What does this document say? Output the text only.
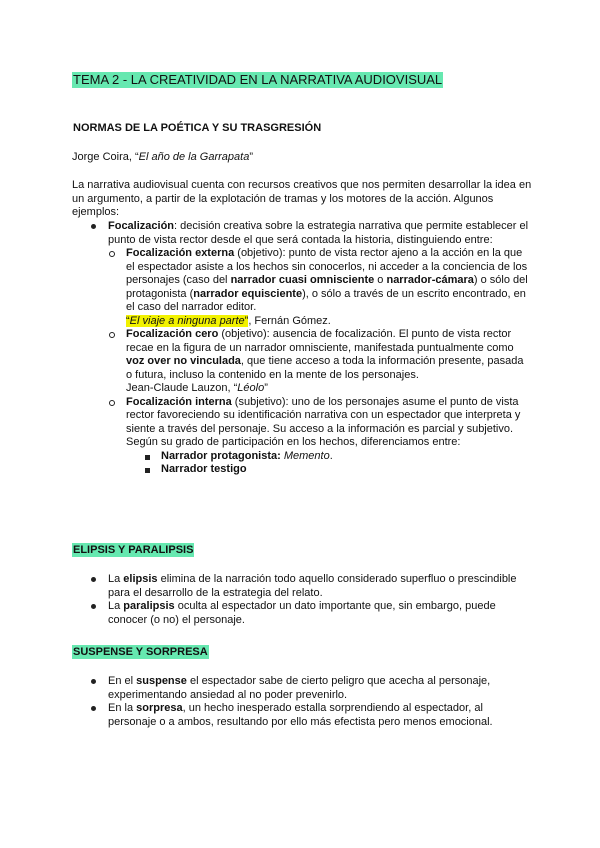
TEMA 2 - LA CREATIVIDAD EN LA NARRATIVA AUDIOVISUAL
NORMAS DE LA POÉTICA Y SU TRASGRESIÓN
Jorge Coira, “El año de la Garrapata”
La narrativa audiovisual cuenta con recursos creativos que nos permiten desarrollar la idea en un argumento, a partir de la explotación de tramas y los motores de la acción. Algunos ejemplos:
Focalización: decisión creativa sobre la estrategia narrativa que permite establecer el punto de vista rector desde el que será contada la historia, distinguiendo entre:
Focalización externa (objetivo): punto de vista rector ajeno a la acción en la que el espectador asiste a los hechos sin conocerlos, ni acceder a la conciencia de los personajes (caso del narrador cuasi omnisciente o narrador-cámara) o sólo del protagonista (narrador equisciente), o sólo a través de un escrito encontrado, en el caso del narrador editor.
“El viaje a ninguna parte”, Fernán Gómez.
Focalización cero (objetivo): ausencia de focalización. El punto de vista rector recae en la figura de un narrador omnisciente, manifestada puntualmente como voz over no vinculada, que tiene acceso a toda la información presente, pasada o futura, incluso la contenido en la mente de los personajes.
Jean-Claude Lauzon, “Léolo”
Focalización interna (subjetivo): uno de los personajes asume el punto de vista rector favoreciendo su identificación narrativa con un espectador que interpreta y siente a través del personaje. Su acceso a la información es parcial y subjetivo. Según su grado de participación en los hechos, diferenciamos entre:
Narrador protagonista: Memento.
Narrador testigo
ELIPSIS Y PARALIPSIS
La elipsis elimina de la narración todo aquello considerado superfluo o prescindible para el desarrollo de la estrategia del relato.
La paralipsis oculta al espectador un dato importante que, sin embargo, puede conocer (o no) el personaje.
SUSPENSE Y SORPRESA
En el suspense el espectador sabe de cierto peligro que acecha al personaje, experimentando ansiedad al no poder prevenirlo.
En la sorpresa, un hecho inesperado estalla sorprendiendo al espectador, al personaje o a ambos, resultando por ello más efectista pero menos emocional.
